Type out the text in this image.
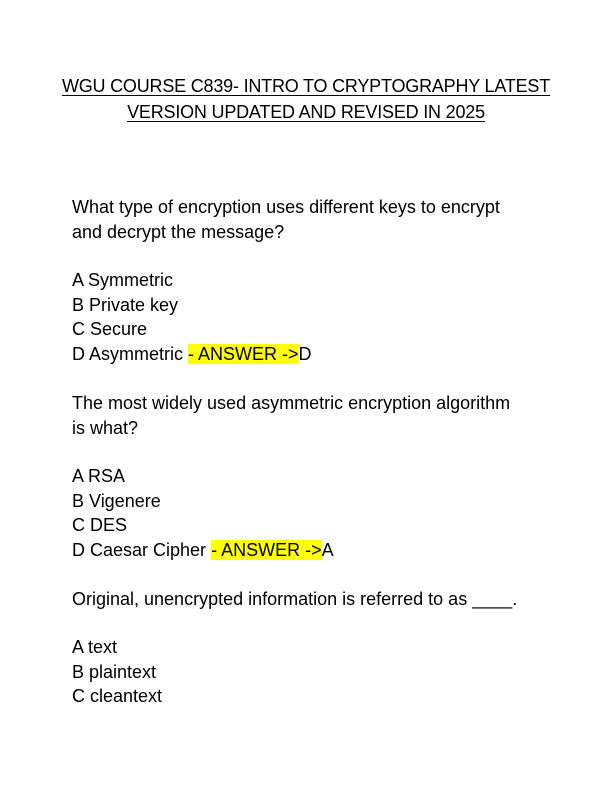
WGU COURSE C839- INTRO TO CRYPTOGRAPHY LATEST
VERSION UPDATED AND REVISED IN 2025
What type of encryption uses different keys to encrypt
and decrypt the message?
A Symmetric
B Private key
C Secure
D Asymmetric - ANSWER ->D
The most widely used asymmetric encryption algorithm
is what?
A RSA
B Vigenere
C DES
D Caesar Cipher - ANSWER ->A
Original, unencrypted information is referred to as ____.
A text
B plaintext
C cleantext
